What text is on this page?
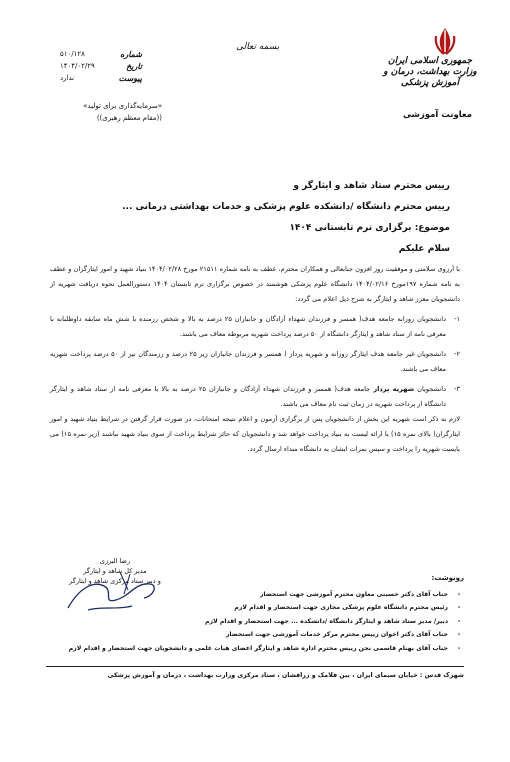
جمهوری اسلامی ایران
وزارت بهداشت، درمان و آموزش پزشکی
معاونت آموزشی
بسمه تعالی
شماره
۵۱۰/۱۲۸
تاریخ
۱۴۰۴/۰۲/۲۹
پیوست
ندارد
«سرمایه‌گذاری برای تولید»
((مقام معظم رهبری))
رییس محترم ستاد شاهد و ایثارگر و
رییس محترم دانشگاه /دانشکده علوم پزشکی و خدمات بهداشتی درمانی ...
موضوع: برگزاری ترم تابستانی ۱۴۰۴
سلام علیکم

با آرزوی سلامتی و موفقیت روز افزون جنابعالی و همکاران محترم، عطف به نامه شماره ۲۱۵۱۱ مورخ ۱۴۰۴/۰۲/۲۸ بنیاد شهید و امور ایثارگران و عطف به نامه شماره ۱۹۷مورخ ۱۴۰۴/۰۲/۱۶ دانشگاه علوم پزشکی هوشمند در خصوص برگزاری ترم تابستان ۱۴۰۴ دستورالعمل نحوه دریافت شهریه از دانشجویان معزز شاهد و ایثارگر به شرح ذیل اعلام می گردد:

۱-
دانشجویان روزانه جامعه هدف( همسر و فرزندان شهداء آزادگان و جانبازان ۲۵ درصد به بالا و شخص رزمنده با شش ماه سابقه داوطلبانه با معرفی نامه از ستاد شاهد و ایثارگر دانشگاه از ۵۰ درصد پرداخت شهریه مربوطه معاف می باشند.
۲-
دانشجویان غیر جامعه هدف ایثارگر روزانه و شهریه پرداز ( همسر و فرزندان جانبازان زیر ۲۵ درصد و رزمندگان نیز از ۵۰ درصد پرداخت شهریه معاف می باشند.
۳-
دانشجویان شهریه پرداز جامعه هدف( همسر و فرزندان شهداء آزادگان و جانبازان ۲۵ درصد به بالا با معرفی نامه از ستاد شاهد و ایثارگر دانشگاه از پرداخت شهریه در زمان ثبت نام معاف می باشند.

لازم به ذکر است شهریه این بخش از دانشجویان پس از برگزاری آزمون و اعلام نتیجه امتحانات، در صورت قرار گرفتن در شرایط بنیاد شهید و امور ایثارگران( بالای نمره ۱۵) با ارائه لیست به بنیاد پرداخت خواهد شد و دانشجویان که حائز شرایط پرداخت از سوی بنیاد شهید نباشند (زیر نمره ۱۵) می بایست شهریه را پرداخت و سپس نمرات ایشان به دانشگاه مبداء ارسال گردد.

رضا البرزی
مدیر کل شاهد و ایثارگر
و دبیر ستاد مرکزی شاهد و ایثارگر	رونوشت:
-جناب آقای دکتر حسینی معاون محترم آموزشی جهت استحضار
-رئیس محترم دانشگاه علوم پزشکی مجازی جهت استحضار و اقدام لازم
-دبیر/ مدیر ستاد شاهد و ایثارگر دانشگاه /دانشکده ... جهت استحضار و اقدام لازم
-جناب آقای دکتر اخوان رییس محترم مرکز خدمات آموزشی جهت استحضار
-جناب آقای بهنام قاسمی نجن رییس محترم اداره شاهد و ایثارگر اعضای هیات علمی و دانشجویان جهت استحضار و اقدام لازم
شهرک قدس : خیابان سیمای ایران ، بین فلامک و زرافشان ، ستاد مرکزی وزارت بهداشت ، درمان و آموزش پزشکی
